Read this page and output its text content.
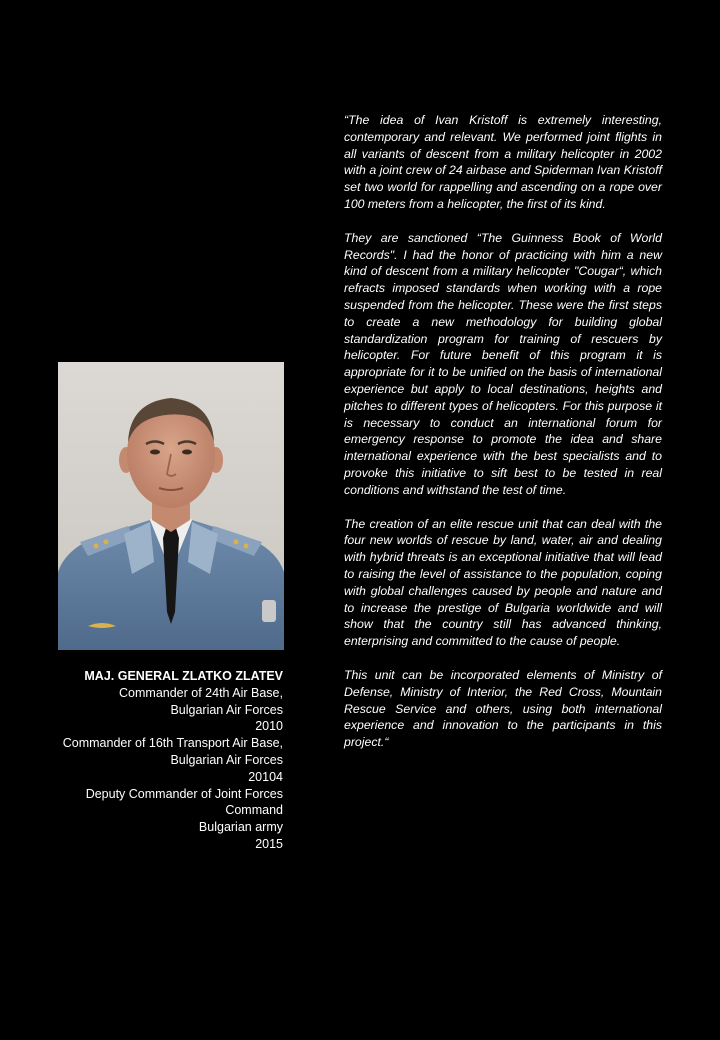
MAJ. GENERAL ZLATKO ZLATEV
Commander of 24th Air Base,
Bulgarian Air Forces
2010
Commander of 16th Transport Air Base,
Bulgarian Air Forces
20104
Deputy Commander of Joint Forces
Command
Bulgarian army
2015

“The idea of Ivan Kristoff is extremely interesting, contemporary and relevant. We performed joint flights in all variants of descent from a military helicopter in 2002 with a joint crew of 24 airbase and Spiderman Ivan Kristoff set two world for rappelling and ascending on a rope over 100 meters from a helicopter, the first of its kind.

They are sanctioned “The Guinness Book of World Records". I had the honor of practicing with him a new kind of descent from a military helicopter "Cougar“, which refracts imposed standards when working with a rope suspended from the helicopter. These were the first steps to create a new methodology for building global standardization program for training of rescuers by helicopter. For future benefit of this program it is appropriate for it to be unified on the basis of international experience but apply to local destinations, heights and pitches to different types of helicopters. For this purpose it is necessary to conduct an international forum for emergency response to promote the idea and share international experience with the best specialists and to provoke this initiative to sift best to be tested in real conditions and withstand the test of time.

The creation of an elite rescue unit that can deal with the four new worlds of rescue by land, water, air and dealing with hybrid threats is an exceptional initiative that will lead to raising the level of assistance to the population, coping with global challenges caused by people and nature and to increase the prestige of Bulgaria worldwide and will show that the country still has advanced thinking, enterprising and committed to the cause of people.

This unit can be incorporated elements of Ministry of Defense, Ministry of Interior, the Red Cross, Mountain Rescue Service and others, using both international experience and innovation to the participants in this project.“
